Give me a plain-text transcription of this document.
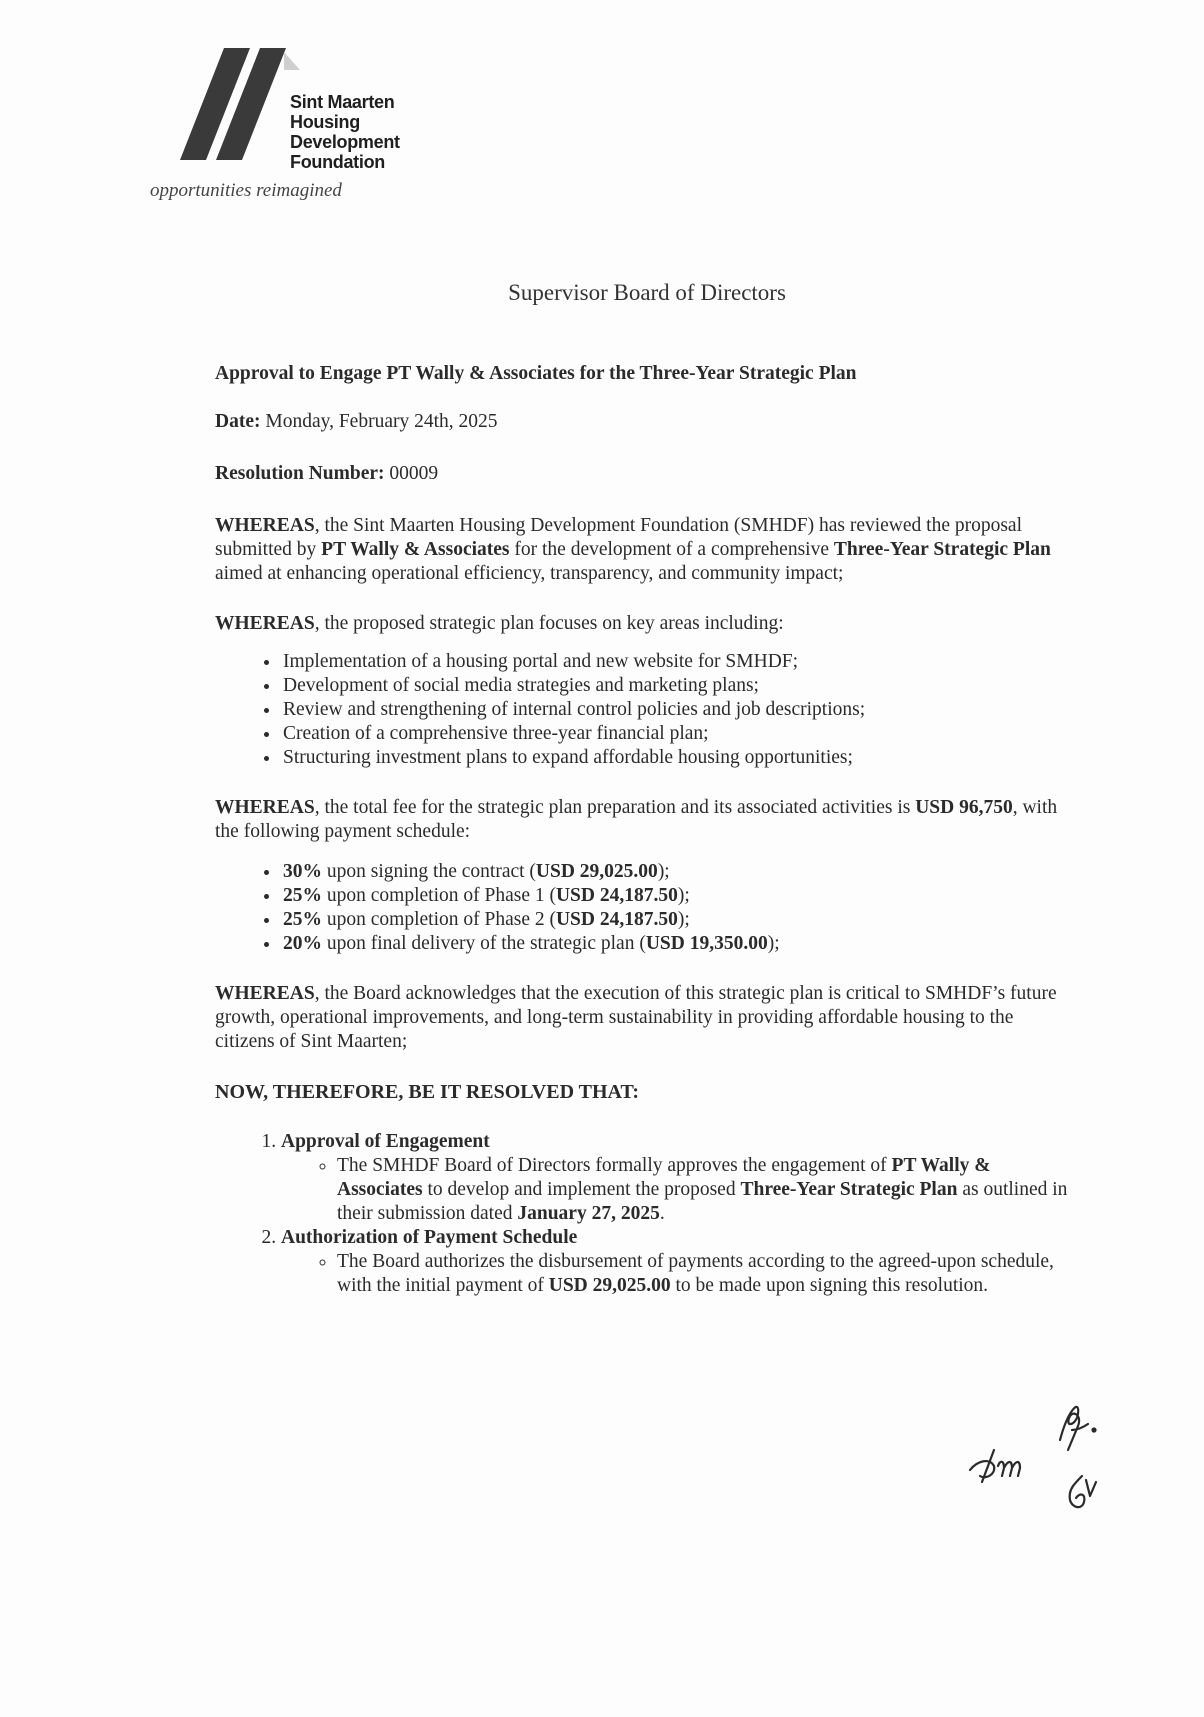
Sint Maarten
Housing
Development
Foundation
opportunities reimagined
Supervisor Board of Directors
Approval to Engage PT Wally & Associates for the Three-Year Strategic Plan
Date: Monday, February 24th, 2025
Resolution Number: 00009

WHEREAS, the Sint Maarten Housing Development Foundation (SMHDF) has reviewed the proposal submitted by PT Wally & Associates for the development of a comprehensive Three-Year Strategic Plan aimed at enhancing operational efficiency, transparency, and community impact;

WHEREAS, the proposed strategic plan focuses on key areas including:

• Implementation of a housing portal and new website for SMHDF;
• Development of social media strategies and marketing plans;
• Review and strengthening of internal control policies and job descriptions;
• Creation of a comprehensive three-year financial plan;
• Structuring investment plans to expand affordable housing opportunities;

WHEREAS, the total fee for the strategic plan preparation and its associated activities is USD 96,750, with the following payment schedule:

• 30% upon signing the contract (USD 29,025.00);
• 25% upon completion of Phase 1 (USD 24,187.50);
• 25% upon completion of Phase 2 (USD 24,187.50);
• 20% upon final delivery of the strategic plan (USD 19,350.00);

WHEREAS, the Board acknowledges that the execution of this strategic plan is critical to SMHDF’s future growth, operational improvements, and long-term sustainability in providing affordable housing to the citizens of Sint Maarten;

NOW, THEREFORE, BE IT RESOLVED THAT:
1. Approval of Engagement
◦ The SMHDF Board of Directors formally approves the engagement of PT Wally & Associates to develop and implement the proposed Three-Year Strategic Plan as outlined in their submission dated January 27, 2025.
2. Authorization of Payment Schedule
◦ The Board authorizes the disbursement of payments according to the agreed-upon schedule, with the initial payment of USD 29,025.00 to be made upon signing this resolution.
